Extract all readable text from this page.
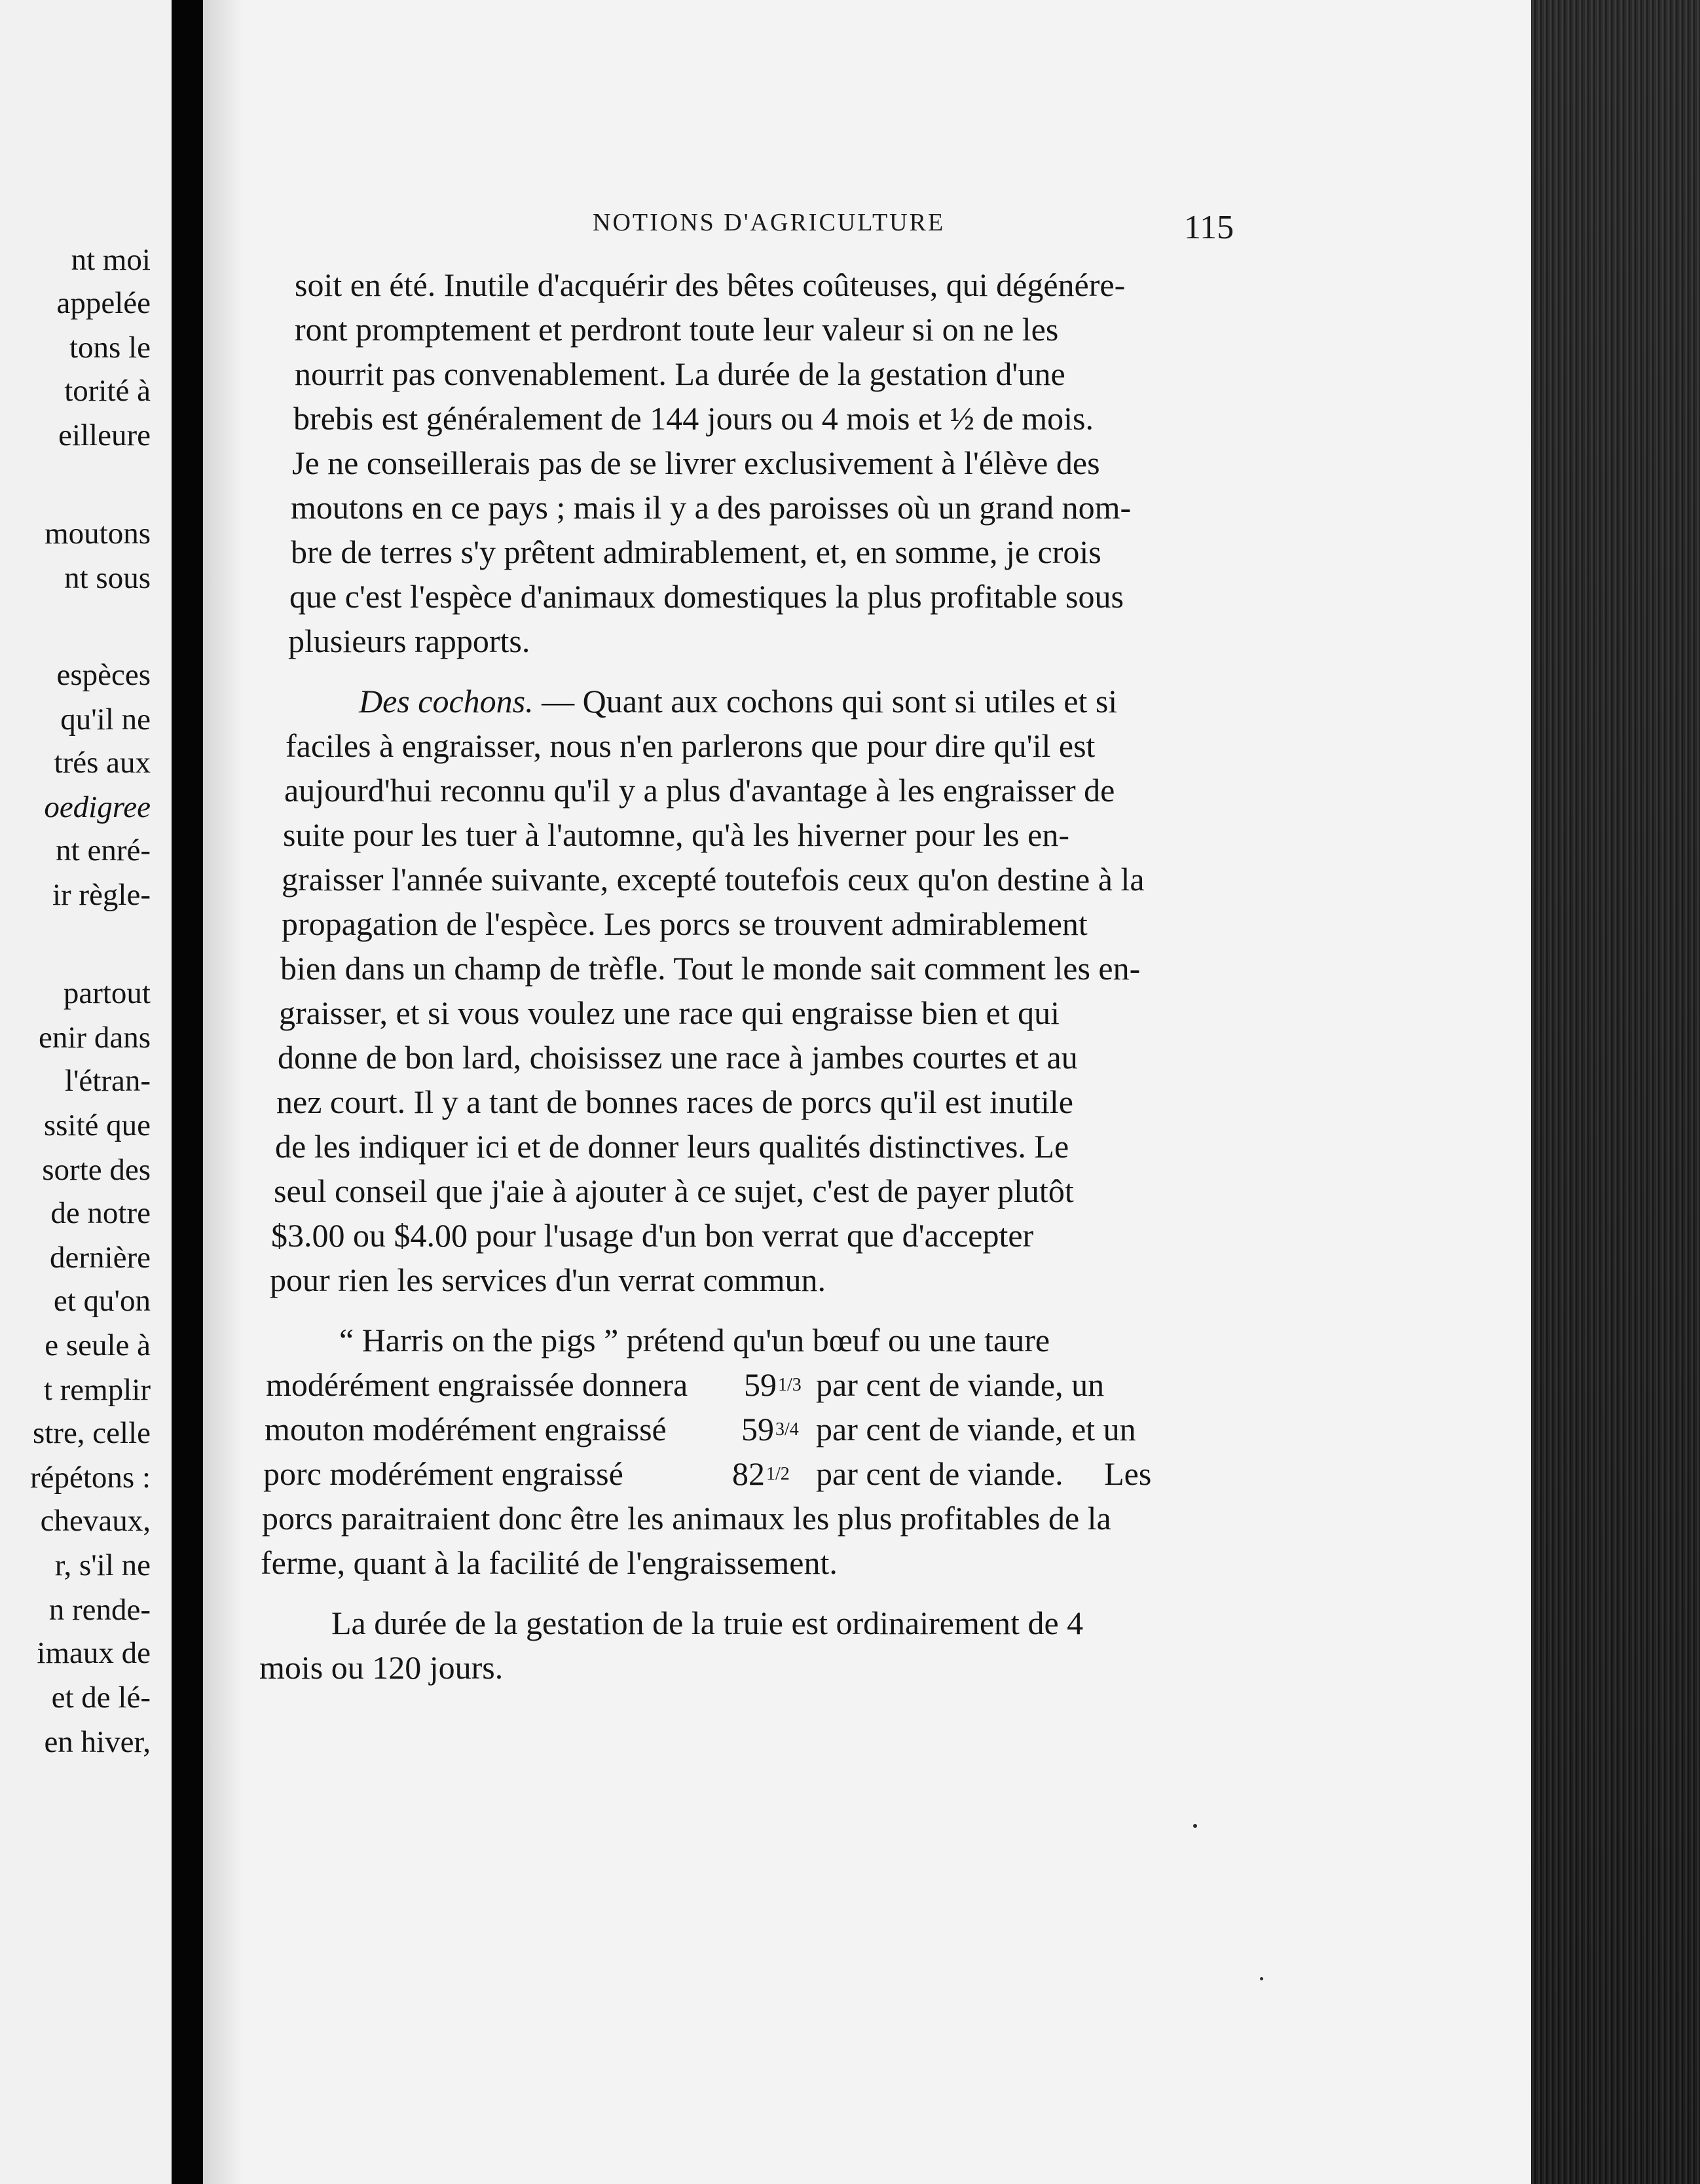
nt moi
appelée
tons le
torité à
eilleure
moutons
nt sous
espèces
qu'il ne
trés aux
oedigree
nt enré-
ir règle-
partout
enir dans
l'étran-
ssité que
sorte des
de notre
dernière
et qu'on
e seule à
t remplir
stre, celle
répétons :
chevaux,
r, s'il ne
n rende-
imaux de
et de lé-
en hiver,
NOTIONS D'AGRICULTURE	115
soit en été. Inutile d'acquérir des bêtes coûteuses, qui dégénére-
ront promptement et perdront toute leur valeur si on ne les
nourrit pas convenablement. La durée de la gestation d'une
brebis est généralement de 144 jours ou 4 mois et ½ de mois.
Je ne conseillerais pas de se livrer exclusivement à l'élève des
moutons en ce pays ; mais il y a des paroisses où un grand nom-
bre de terres s'y prêtent admirablement, et, en somme, je crois
que c'est l'espèce d'animaux domestiques la plus profitable sous
plusieurs rapports.
Des cochons. — Quant aux cochons qui sont si utiles et si
faciles à engraisser, nous n'en parlerons que pour dire qu'il est
aujourd'hui reconnu qu'il y a plus d'avantage à les engraisser de
suite pour les tuer à l'automne, qu'à les hiverner pour les en-
graisser l'année suivante, excepté toutefois ceux qu'on destine à la
propagation de l'espèce. Les porcs se trouvent admirablement
bien dans un champ de trèfle. Tout le monde sait comment les en-
graisser, et si vous voulez une race qui engraisse bien et qui
donne de bon lard, choisissez une race à jambes courtes et au
nez court. Il y a tant de bonnes races de porcs qu'il est inutile
de les indiquer ici et de donner leurs qualités distinctives. Le
seul conseil que j'aie à ajouter à ce sujet, c'est de payer plutôt
$3.00 ou $4.00 pour l'usage d'un bon verrat que d'accepter
pour rien les services d'un verrat commun.
“ Harris on the pigs ” prétend qu'un bœuf ou une taure
modérément engraissée donnera 591/3 par cent de viande, un
mouton modérément engraissé 593/4 par cent de viande, et un
porc modérément engraissé	821/2 par cent de viande.     Les
porcs paraitraient donc être les animaux les plus profitables de la
ferme, quant à la facilité de l'engraissement.
La durée de la gestation de la truie est ordinairement de 4
mois ou 120 jours.
